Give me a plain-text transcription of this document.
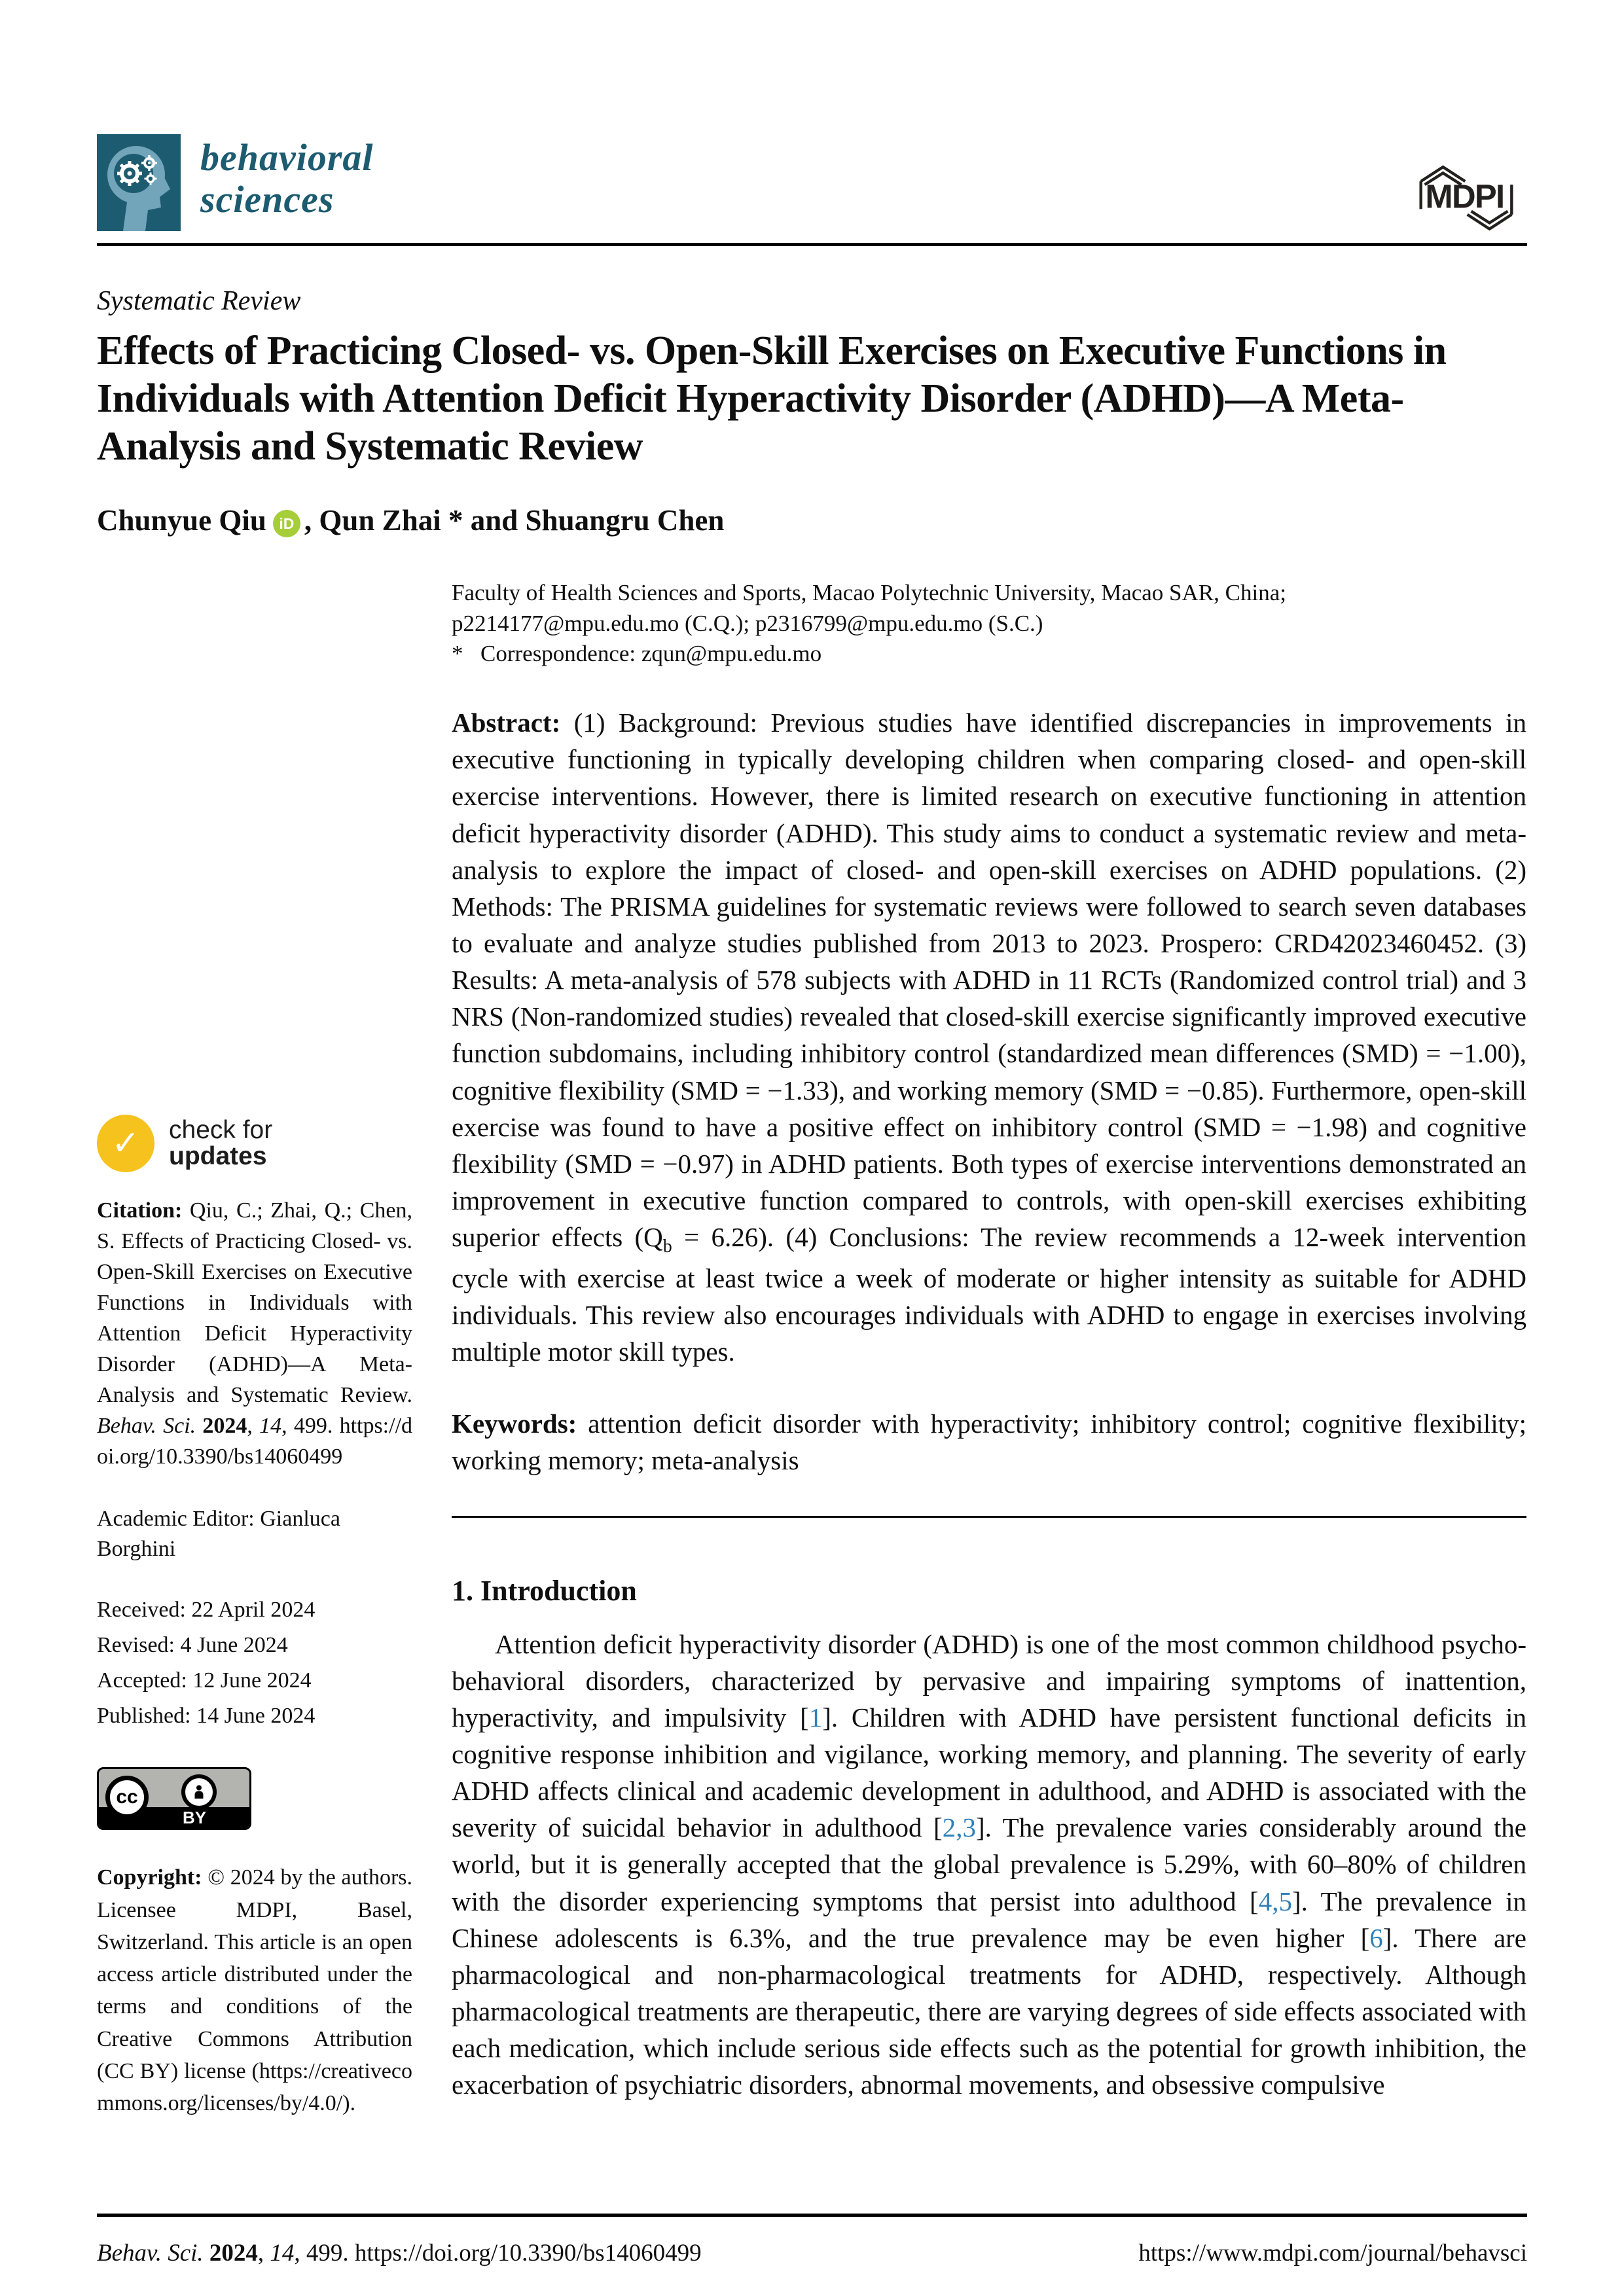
behavioral
sciences	MDPI
Systematic Review
Effects of Practicing Closed- vs. Open-Skill Exercises on Executive Functions in Individuals with Attention Deficit Hyperactivity Disorder (ADHD)—A Meta-Analysis and Systematic Review
Chunyue Qiu iD , Qun Zhai * and Shuangru Chen
✓	check for
updates

Citation: Qiu, C.; Zhai, Q.; Chen, S. Effects of Practicing Closed- vs. Open-Skill Exercises on Executive Functions in Individuals with Attention Deficit Hyperactivity Disorder (ADHD)—A Meta-Analysis and Systematic Review. Behav. Sci. 2024, 14, 499. https://doi.org/10.3390/bs14060499

Academic Editor: Gianluca Borghini

Received: 22 April 2024
Revised: 4 June 2024
Accepted: 12 June 2024
Published: 14 June 2024
cc
BY

Copyright: © 2024 by the authors. Licensee MDPI, Basel, Switzerland. This article is an open access article distributed under the terms and conditions of the Creative Commons Attribution (CC BY) license (https://creativecommons.org/licenses/by/4.0/).

Faculty of Health Sciences and Sports, Macao Polytechnic University, Macao SAR, China;
p2214177@mpu.edu.mo (C.Q.); p2316799@mpu.edu.mo (S.C.)
* Correspondence: zqun@mpu.edu.mo

Abstract: (1) Background: Previous studies have identified discrepancies in improvements in executive functioning in typically developing children when comparing closed- and open-skill exercise interventions. However, there is limited research on executive functioning in attention deficit hyperactivity disorder (ADHD). This study aims to conduct a systematic review and meta-analysis to explore the impact of closed- and open-skill exercises on ADHD populations. (2) Methods: The PRISMA guidelines for systematic reviews were followed to search seven databases to evaluate and analyze studies published from 2013 to 2023. Prospero: CRD42023460452. (3) Results: A meta-analysis of 578 subjects with ADHD in 11 RCTs (Randomized control trial) and 3 NRS (Non-randomized studies) revealed that closed-skill exercise significantly improved executive function subdomains, including inhibitory control (standardized mean differences (SMD) = −1.00), cognitive flexibility (SMD = −1.33), and working memory (SMD = −0.85). Furthermore, open-skill exercise was found to have a positive effect on inhibitory control (SMD = −1.98) and cognitive flexibility (SMD = −0.97) in ADHD patients. Both types of exercise interventions demonstrated an improvement in executive function compared to controls, with open-skill exercises exhibiting superior effects $(Q_b = 6.26)$. (4) Conclusions: The review recommends a 12-week intervention cycle with exercise at least twice a week of moderate or higher intensity as suitable for ADHD individuals. This review also encourages individuals with ADHD to engage in exercises involving multiple motor skill types.

Keywords: attention deficit disorder with hyperactivity; inhibitory control; cognitive flexibility; working memory; meta-analysis

1. Introduction

Attention deficit hyperactivity disorder (ADHD) is one of the most common childhood psycho-behavioral disorders, characterized by pervasive and impairing symptoms of inattention, hyperactivity, and impulsivity [1]. Children with ADHD have persistent functional deficits in cognitive response inhibition and vigilance, working memory, and planning. The severity of early ADHD affects clinical and academic development in adulthood, and ADHD is associated with the severity of suicidal behavior in adulthood [2,3]. The prevalence varies considerably around the world, but it is generally accepted that the global prevalence is 5.29%, with 60–80% of children with the disorder experiencing symptoms that persist into adulthood [4,5]. The prevalence in Chinese adolescents is 6.3%, and the true prevalence may be even higher [6]. There are pharmacological and non-pharmacological treatments for ADHD, respectively. Although pharmacological treatments are therapeutic, there are varying degrees of side effects associated with each medication, which include serious side effects such as the potential for growth inhibition, the exacerbation of psychiatric disorders, abnormal movements, and obsessive compulsive

Behav. Sci. 2024, 14, 499. https://doi.org/10.3390/bs14060499	https://www.mdpi.com/journal/behavsci
